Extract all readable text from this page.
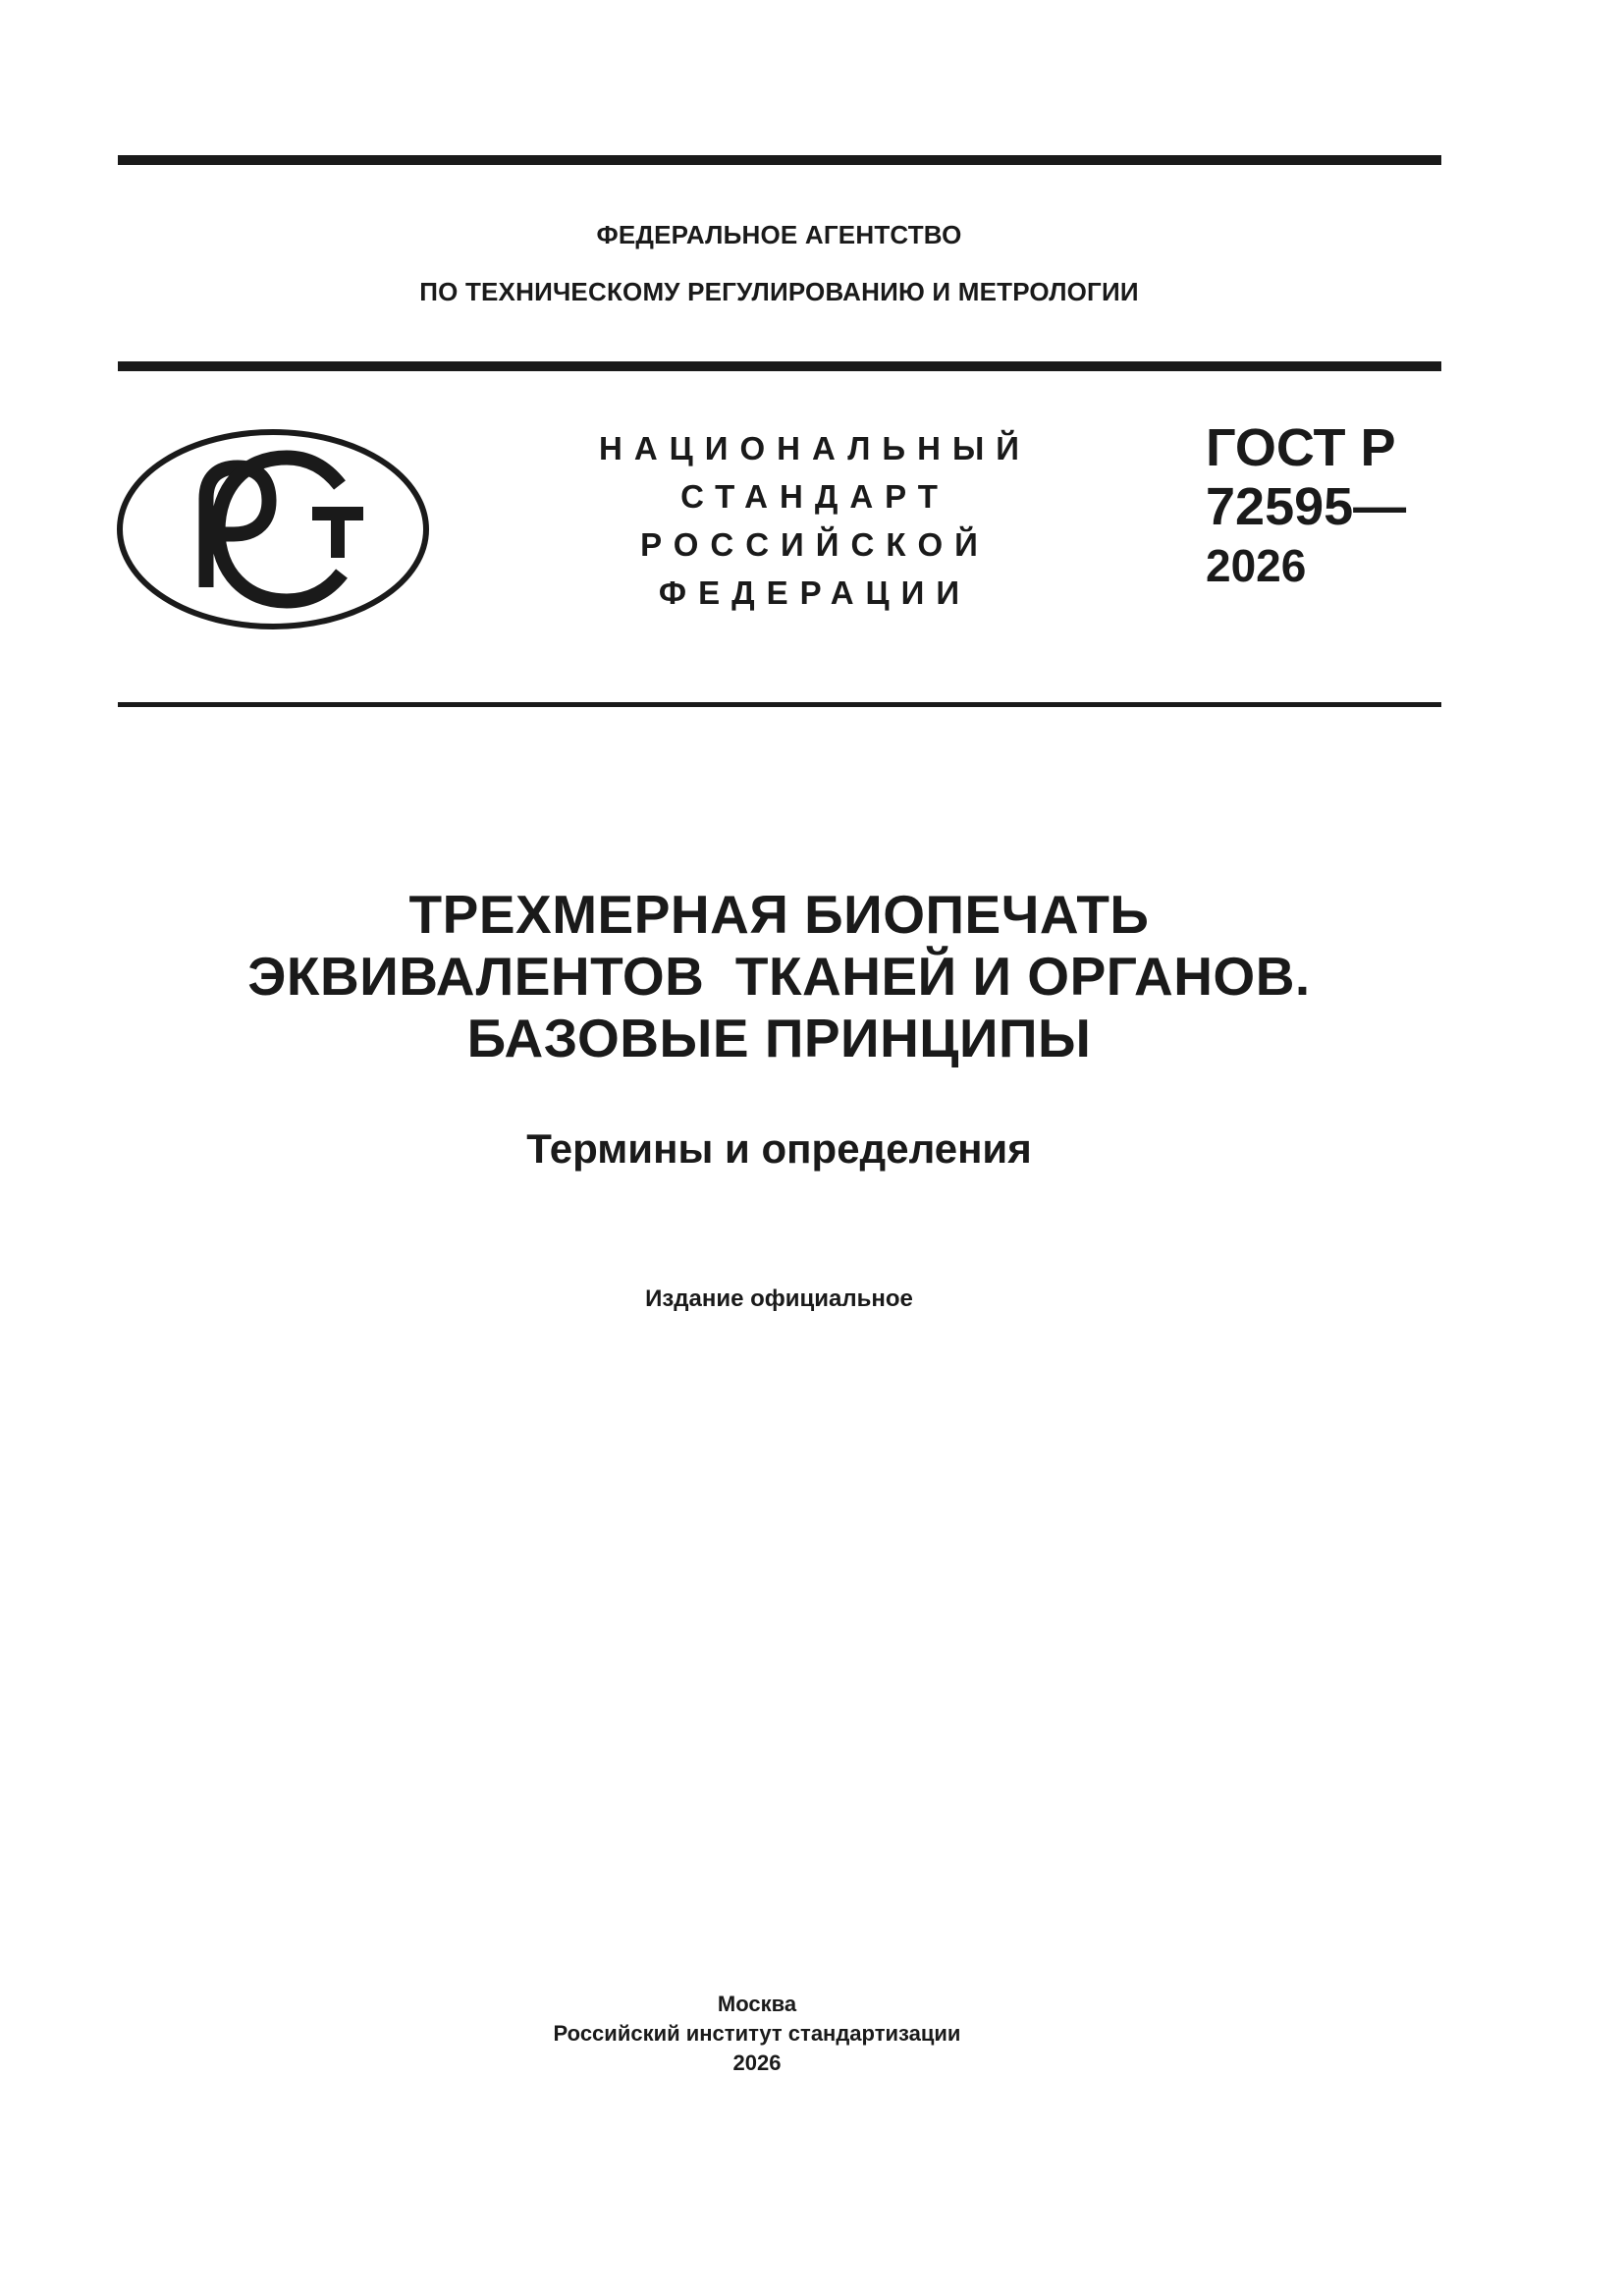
ФЕДЕРАЛЬНОЕ АГЕНТСТВО
ПО ТЕХНИЧЕСКОМУ РЕГУЛИРОВАНИЮ И МЕТРОЛОГИИ
НАЦИОНАЛЬНЫЙ
СТАНДАРТ
РОССИЙСКОЙ
ФЕДЕРАЦИИ
ГОСТ Р
72595—
2026
ТРЕХМЕРНАЯ БИОПЕЧАТЬ
ЭКВИВАЛЕНТОВ  ТКАНЕЙ И ОРГАНОВ.
БАЗОВЫЕ ПРИНЦИПЫ
Термины и определения
Издание официальное
Москва
Российский институт стандартизации
2026
